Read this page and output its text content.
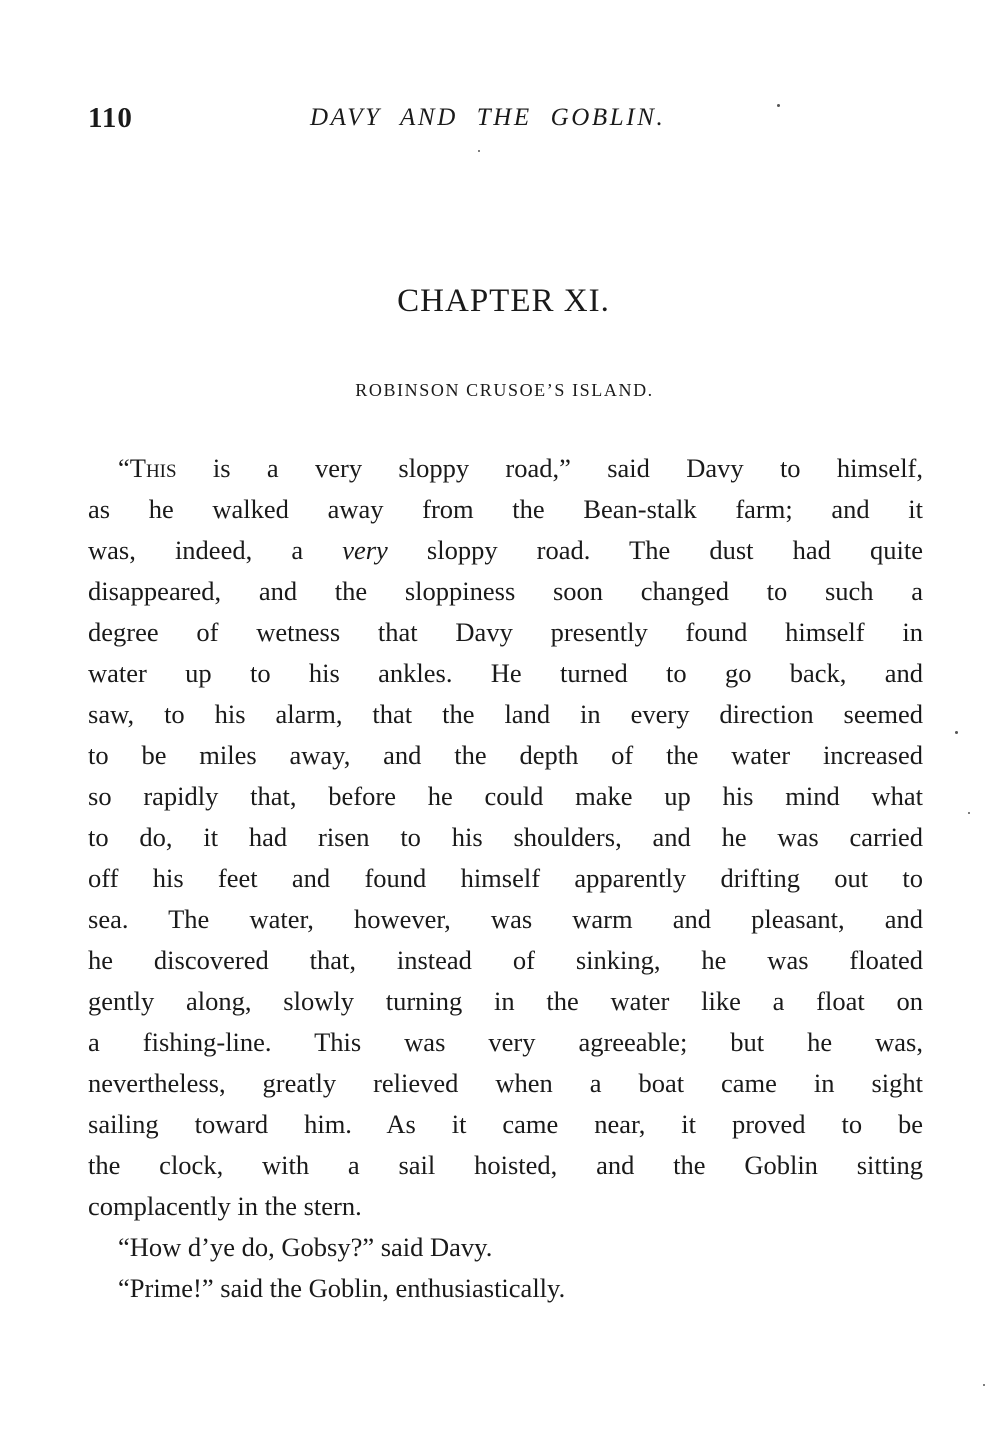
110	DAVY AND THE GOBLIN.
CHAPTER XI.
ROBINSON CRUSOE’S ISLAND.
“This is a very sloppy road,” said Davy to himself,
as he walked away from the Bean-stalk farm; and it
was, indeed, a very sloppy road. The dust had quite
disappeared, and the sloppiness soon changed to such a
degree of wetness that Davy presently found himself in
water up to his ankles. He turned to go back, and
saw, to his alarm, that the land in every direction seemed
to be miles away, and the depth of the water increased
so rapidly that, before he could make up his mind what
to do, it had risen to his shoulders, and he was carried
off his feet and found himself apparently drifting out to
sea. The water, however, was warm and pleasant, and
he discovered that, instead of sinking, he was floated
gently along, slowly turning in the water like a float on
a fishing-line. This was very agreeable; but he was,
nevertheless, greatly relieved when a boat came in sight
sailing toward him. As it came near, it proved to be
the clock, with a sail hoisted, and the Goblin sitting
complacently in the stern.
“How d’ye do, Gobsy?” said Davy.
“Prime!” said the Goblin, enthusiastically.
